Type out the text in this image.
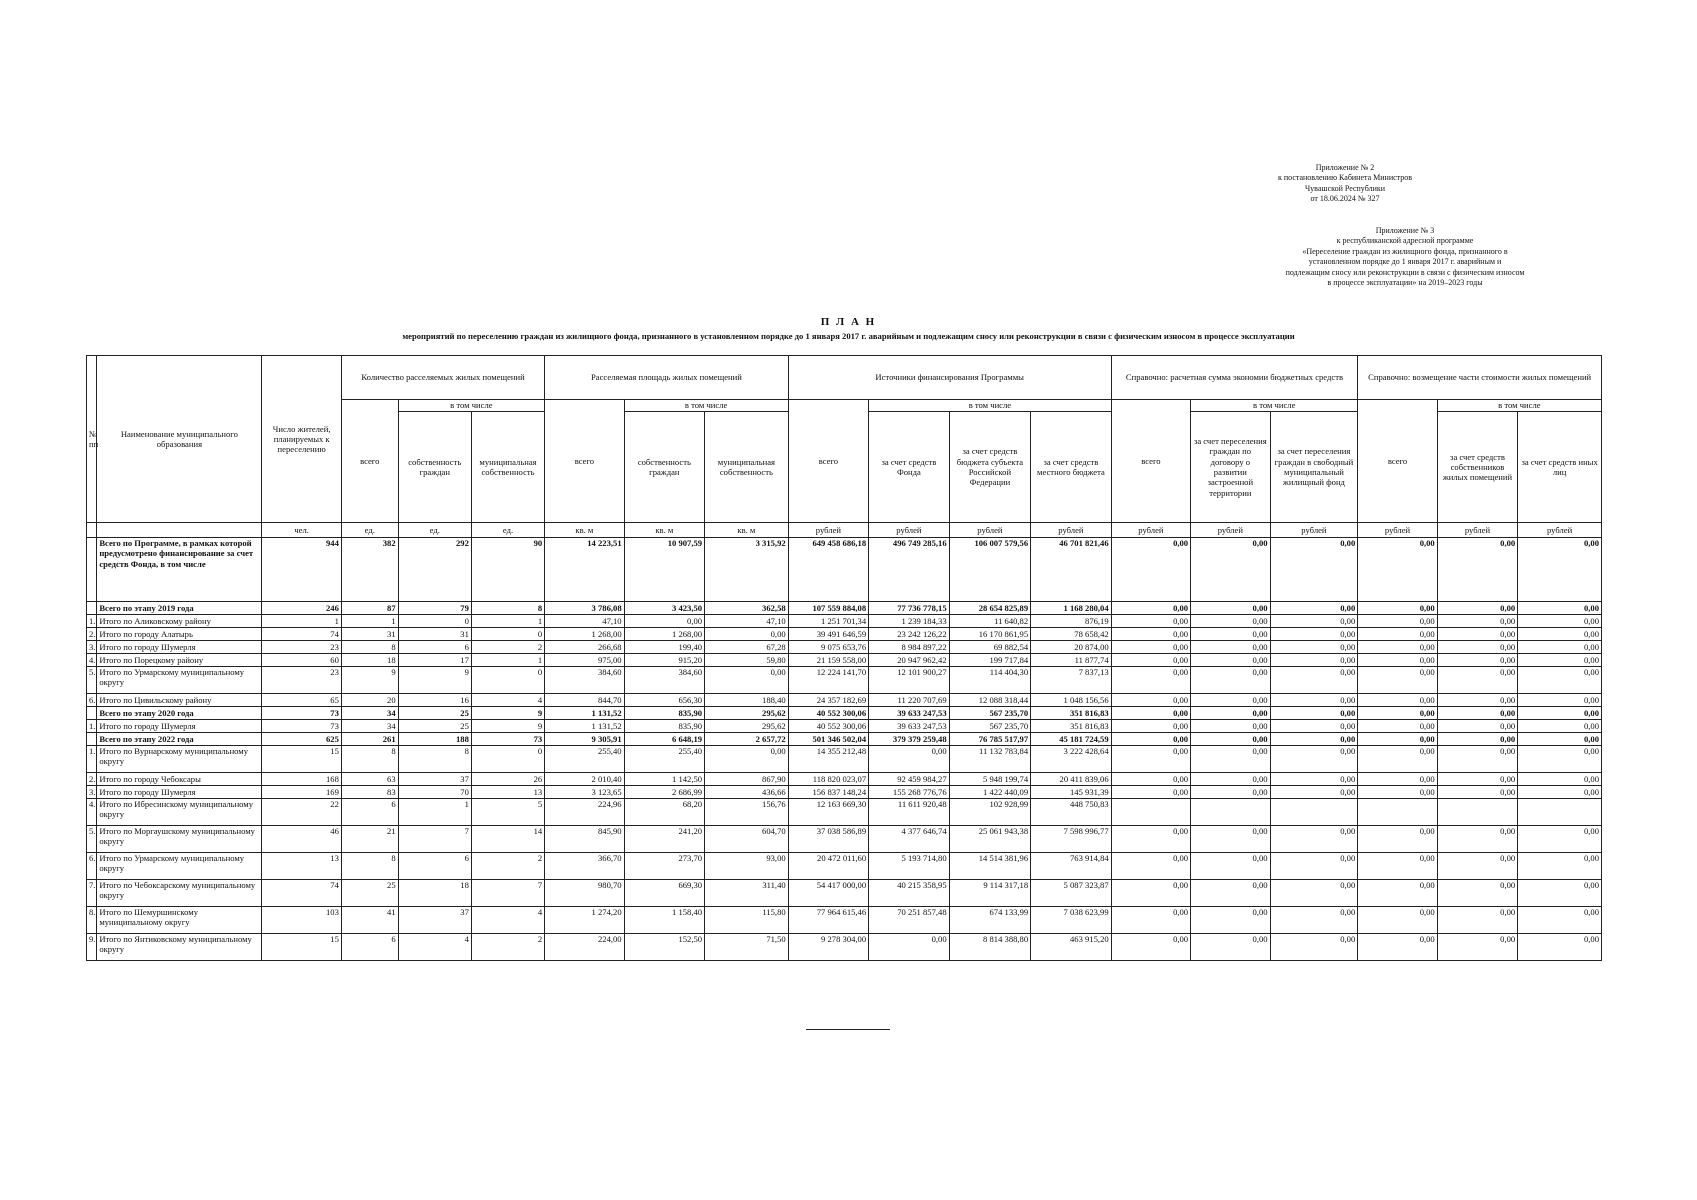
Приложение № 2
к постановлению Кабинета Министров
Чувашской Республики
от 18.06.2024 № 327
Приложение № 3
к республиканской адресной программе
«Переселение граждан из жилищного фонда, признанного в
установленном порядке до 1 января 2017 г. аварийным и
подлежащим сносу или реконструкции в связи с физическим износом
в процессе эксплуатации» на 2019–2023 годы
П Л А Н
мероприятий по переселению граждан из жилищного фонда, признанного в установленном порядке до 1 января 2017 г. аварийным и подлежащим сносу или реконструкции в связи с физическим износом в процессе эксплуатации
№ пп	Наименование муниципального образования	Число жителей, планируемых к переселению	Количество расселяемых жилых помещений			Расселяемая площадь жилых помещений			Источники финансирования Программы				Справочно: расчетная сумма экономии бюджетных средств			Справочно: возмещение части стоимости жилых помещений		
			всего	в том числе		всего	в том числе		всего	в том числе			всего	в том числе		всего	в том числе	
				собственность граждан	муниципальная собственность		собственность граждан	муниципальная собственность		за счет средств Фонда	за счет средств бюджета субъекта Российской Федерации	за счет средств местного бюджета		за счет переселения граждан по договору о развитии застроенной территории	за счет переселения граждан в свободный муниципальный жилищный фонд		за счет средств собственников жилых помещений	за счет средств иных лиц
		чел.	ед.	ед.	ед.	кв. м	кв. м	кв. м	рублей	рублей	рублей	рублей	рублей	рублей	рублей	рублей	рублей	рублей
	Всего по Программе, в рамках которой предусмотрено финансирование за счет средств Фонда, в том числе	944	382	292	90	14 223,51	10 907,59	3 315,92	649 458 686,18	496 749 285,16	106 007 579,56	46 701 821,46	0,00	0,00	0,00	0,00	0,00	0,00
	Всего по этапу 2019 года	246	87	79	8	3 786,08	3 423,50	362,58	107 559 884,08	77 736 778,15	28 654 825,89	1 168 280,04	0,00	0,00	0,00	0,00	0,00	0,00
1.	Итого по Аликовскому району	1	1	0	1	47,10	0,00	47,10	1 251 701,34	1 239 184,33	11 640,82	876,19	0,00	0,00	0,00	0,00	0,00	0,00
2.	Итого по городу Алатырь	74	31	31	0	1 268,00	1 268,00	0,00	39 491 646,59	23 242 126,22	16 170 861,95	78 658,42	0,00	0,00	0,00	0,00	0,00	0,00
3.	Итого по городу Шумерля	23	8	6	2	266,68	199,40	67,28	9 075 653,76	8 984 897,22	69 882,54	20 874,00	0,00	0,00	0,00	0,00	0,00	0,00
4.	Итого по Порецкому району	60	18	17	1	975,00	915,20	59,80	21 159 558,00	20 947 962,42	199 717,84	11 877,74	0,00	0,00	0,00	0,00	0,00	0,00
5.	Итого по Урмарскому муниципальному округу	23	9	9	0	384,60	384,60	0,00	12 224 141,70	12 101 900,27	114 404,30	7 837,13	0,00	0,00	0,00	0,00	0,00	0,00
6.	Итого по Цивильскому району	65	20	16	4	844,70	656,30	188,40	24 357 182,69	11 220 707,69	12 088 318,44	1 048 156,56	0,00	0,00	0,00	0,00	0,00	0,00
	Всего по этапу 2020 года	73	34	25	9	1 131,52	835,90	295,62	40 552 300,06	39 633 247,53	567 235,70	351 816,83	0,00	0,00	0,00	0,00	0,00	0,00
1.	Итого по городу Шумерля	73	34	25	9	1 131,52	835,90	295,62	40 552 300,06	39 633 247,53	567 235,70	351 816,83	0,00	0,00	0,00	0,00	0,00	0,00
	Всего по этапу 2022 года	625	261	188	73	9 305,91	6 648,19	2 657,72	501 346 502,04	379 379 259,48	76 785 517,97	45 181 724,59	0,00	0,00	0,00	0,00	0,00	0,00
1.	Итого по Вурнарскому муниципальному округу	15	8	8	0	255,40	255,40	0,00	14 355 212,48	0,00	11 132 783,84	3 222 428,64	0,00	0,00	0,00	0,00	0,00	0,00
2.	Итого по городу Чебоксары	168	63	37	26	2 010,40	1 142,50	867,90	118 820 023,07	92 459 984,27	5 948 199,74	20 411 839,06	0,00	0,00	0,00	0,00	0,00	0,00
3.	Итого по городу Шумерля	169	83	70	13	3 123,65	2 686,99	436,66	156 837 148,24	155 268 776,76	1 422 440,09	145 931,39	0,00	0,00	0,00	0,00	0,00	0,00
4.	Итого по Ибресинскому муниципальному округу	22	6	1	5	224,96	68,20	156,76	12 163 669,30	11 611 920,48	102 928,99	448 750,83						
5.	Итого по Моргаушскому муниципальному округу	46	21	7	14	845,90	241,20	604,70	37 038 586,89	4 377 646,74	25 061 943,38	7 598 996,77	0,00	0,00	0,00	0,00	0,00	0,00
6.	Итого по Урмарскому муниципальному округу	13	8	6	2	366,70	273,70	93,00	20 472 011,60	5 193 714,80	14 514 381,96	763 914,84	0,00	0,00	0,00	0,00	0,00	0,00
7.	Итого по Чебоксарскому муниципальному округу	74	25	18	7	980,70	669,30	311,40	54 417 000,00	40 215 358,95	9 114 317,18	5 087 323,87	0,00	0,00	0,00	0,00	0,00	0,00
8.	Итого по Шемуршинскому муниципальному округу	103	41	37	4	1 274,20	1 158,40	115,80	77 964 615,46	70 251 857,48	674 133,99	7 038 623,99	0,00	0,00	0,00	0,00	0,00	0,00
9.	Итого по Янтиковскому муниципальному округу	15	6	4	2	224,00	152,50	71,50	9 278 304,00	0,00	8 814 388,80	463 915,20	0,00	0,00	0,00	0,00	0,00	0,00
